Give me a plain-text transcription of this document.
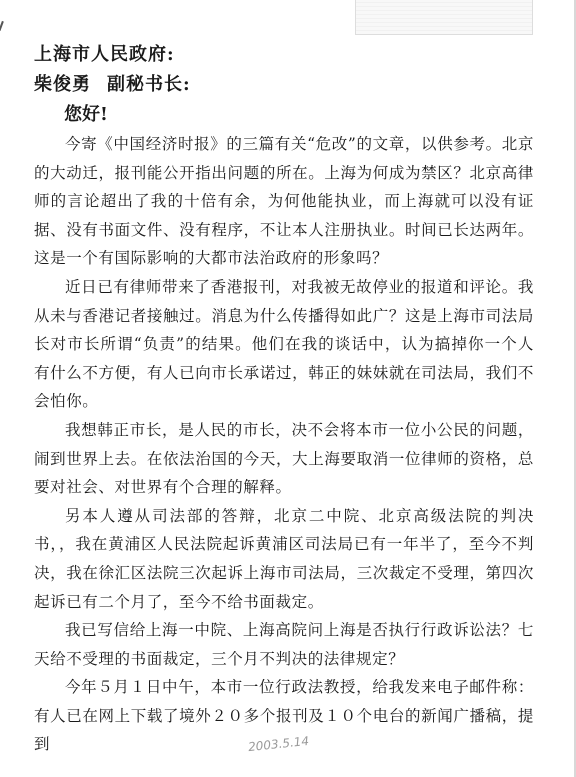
上海市人民政府:

柴俊勇 副秘书长:

您好!

今寄《中国经济时报》的三篇有关“危改”的文章，以供参考。北京的大动迁，报刊能公开指出问题的所在。上海为何成为禁区？北京高律师的言论超出了我的十倍有余，为何他能执业，而上海就可以没有证据、没有书面文件、没有程序，不让本人注册执业。时间已长达两年。这是一个有国际影响的大都市法治政府的形象吗？

近日已有律师带来了香港报刊，对我被无故停业的报道和评论。我从未与香港记者接触过。消息为什么传播得如此广？这是上海市司法局长对市长所谓“负责”的结果。他们在我的谈话中，认为搞掉你一个人有什么不方便，有人已向市长承诺过，韩正的妹妹就在司法局，我们不会怕你。

我想韩正市长，是人民的市长，决不会将本市一位小公民的问题，闹到世界上去。在依法治国的今天，大上海要取消一位律师的资格，总要对社会、对世界有个合理的解释。

另本人遵从司法部的答辩，北京二中院、北京高级法院的判决书，，我在黄浦区人民法院起诉黄浦区司法局已有一年半了，至今不判决，我在徐汇区法院三次起诉上海市司法局，三次裁定不受理，第四次起诉已有二个月了，至今不给书面裁定。

我已写信给上海一中院、上海高院问上海是否执行行政诉讼法？七天给不受理的书面裁定，三个月不判决的法律规定？

今年５月１日中午，本市一位行政法教授，给我发来电子邮件称：有人已在网上下载了境外２０多个报刊及１０个电台的新闻广播稿，提到	2003.5.14
